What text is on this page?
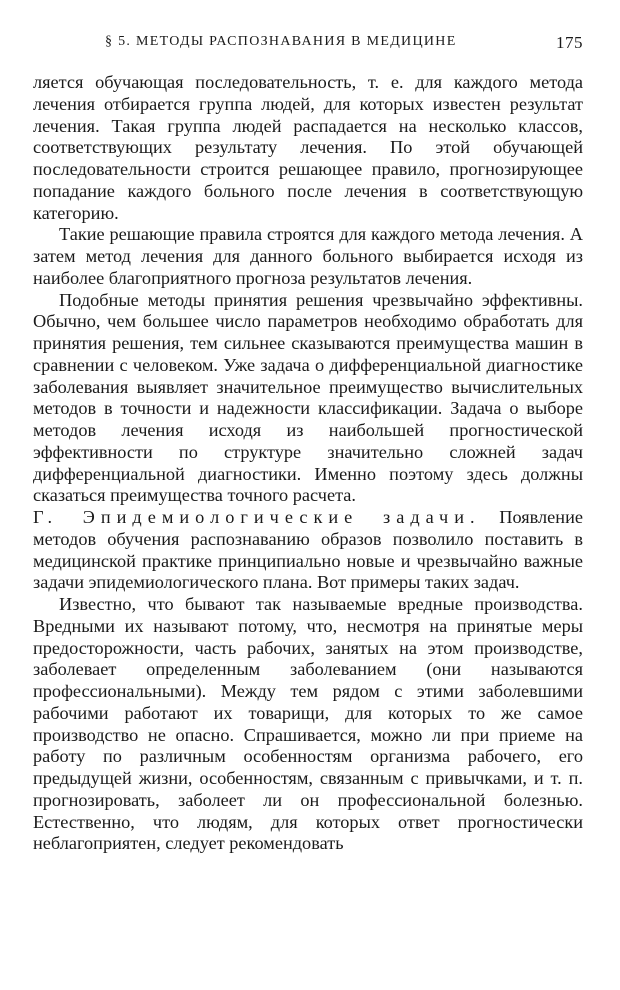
§ 5. МЕТОДЫ РАСПОЗНАВАНИЯ В МЕДИЦИНЕ	175

ляется обучающая последовательность, т. е. для каждого метода лечения отбирается группа людей, для которых известен результат лечения. Такая группа людей распадается на несколько классов, соответствующих результату лечения. По этой обучающей последовательности строится решающее правило, прогнозирующее попадание каждого больного после лечения в соответствующую категорию.

Такие решающие правила строятся для каждого метода лечения. А затем метод лечения для данного больного выбирается исходя из наиболее благоприятного прогноза результатов лечения.

Подобные методы принятия решения чрезвычайно эффективны. Обычно, чем большее число параметров необходимо обработать для принятия решения, тем сильнее сказываются преимущества машин в сравнении с человеком. Уже задача о дифференциальной диагностике заболевания выявляет значительное преимущество вычислительных методов в точности и надежности классификации. Задача о выборе методов лечения исходя из наибольшей прогностической эффективности по структуре значительно сложней задач дифференциальной диагностики. Именно поэтому здесь должны сказаться преимущества точного расчета.

Г. Эпидемиологические задачи. Появление методов обучения распознаванию образов позволило поставить в медицинской практике принципиально новые и чрезвычайно важные задачи эпидемиологического плана. Вот примеры таких задач.

Известно, что бывают так называемые вредные производства. Вредными их называют потому, что, несмотря на принятые меры предосторожности, часть рабочих, занятых на этом производстве, заболевает определенным заболеванием (они называются профессиональными). Между тем рядом с этими заболевшими рабочими работают их товарищи, для которых то же самое производство не опасно. Спрашивается, можно ли при приеме на работу по различным особенностям организма рабочего, его предыдущей жизни, особенностям, связанным с привычками, и т. п. прогнозировать, заболеет ли он профессиональной болезнью. Естественно, что людям, для которых ответ прогностически неблагоприятен, следует рекомендовать
